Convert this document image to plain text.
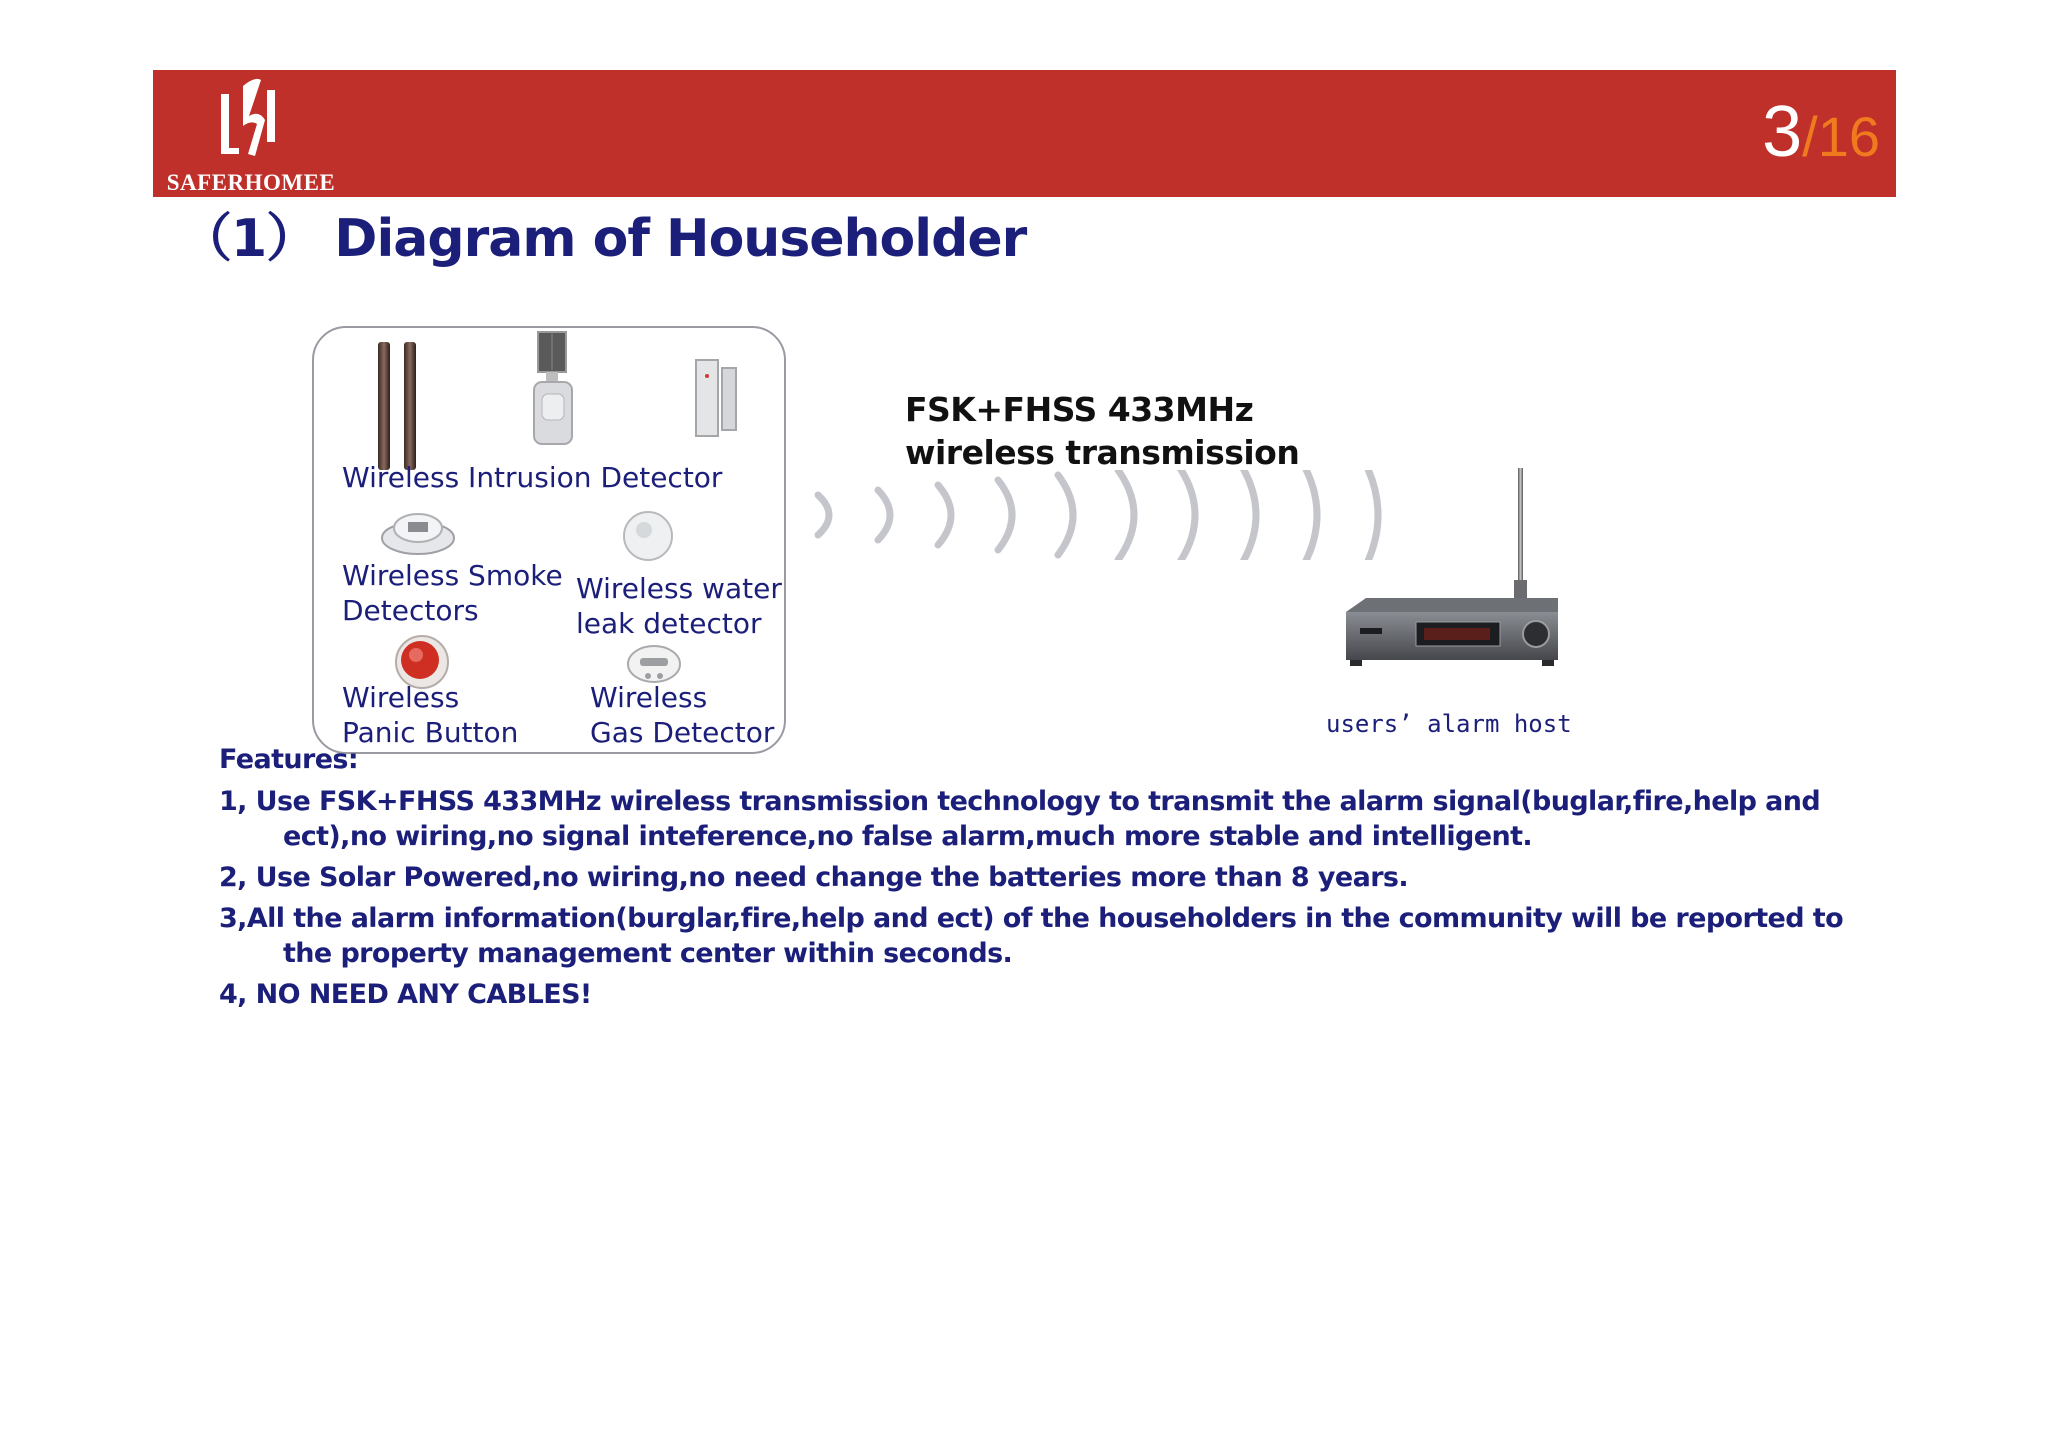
SAFERHOMEE
3/16
（1） Diagram of Householder
Wireless Intrusion Detector
Wireless Smoke
Detectors
Wireless water
leak detector
Wireless
Panic Button
Wireless
Gas Detector
FSK+FHSS 433MHz
wireless transmission
users’ alarm host
Features:
1, Use FSK+FHSS 433MHz wireless transmission technology to transmit the alarm signal(buglar,fire,help and ect),no wiring,no signal inteference,no false alarm,much more stable and intelligent.
2, Use Solar Powered,no wiring,no need change the batteries more than 8 years.
3,All the alarm information(burglar,fire,help and ect) of the householders in the community will be reported to the property management center within seconds.
4, NO NEED ANY CABLES!
